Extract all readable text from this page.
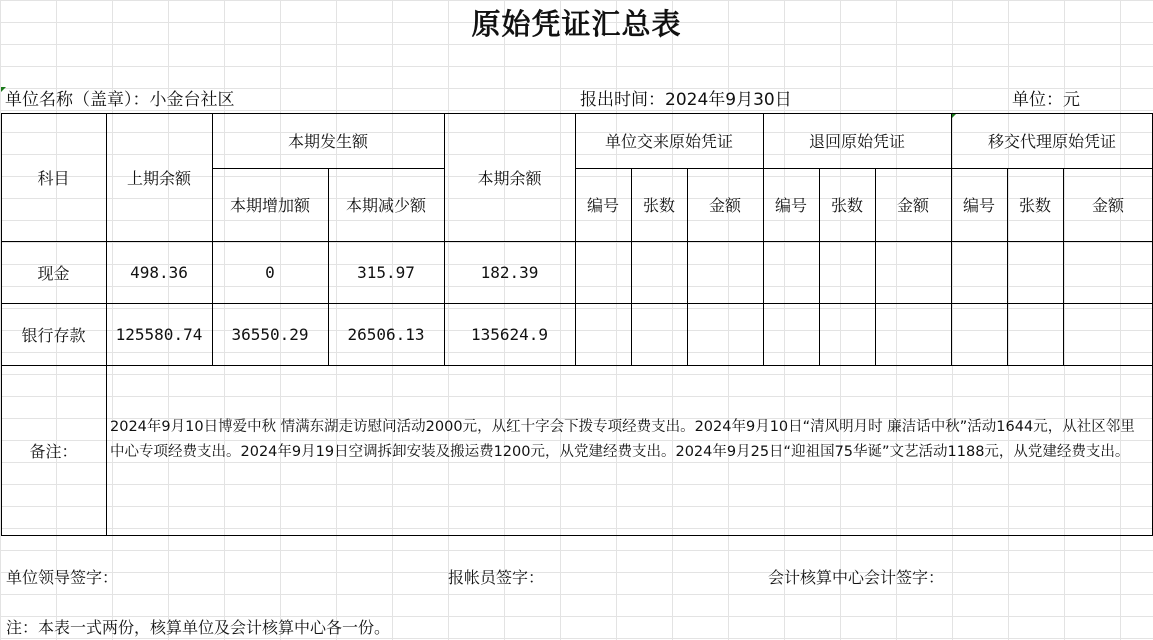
原始凭证汇总表
单位名称（盖章）：小金台社区	报出时间：2024年9月30日	单位：元
科目	上期余额
本期发生额
本期增加额	本期减少额
本期余额
单位交来原始凭证	退回原始凭证	移交代理原始凭证
编号	张数	金额	编号	张数	金额	编号	张数	金额
现金	498.36	0	315.97	182.39
银行存款	125580.74	36550.29	26506.13	135624.9
备注：
2024年9月10日博爱中秋 情满东湖走访慰问活动2000元，从红十字会下拨专项经费支出。2024年9月10日“清风明月时 廉洁话中秋”活动1644元，从社区邻里中心专项经费支出。2024年9月19日空调拆卸安装及搬运费1200元，从党建经费支出。2024年9月25日“迎祖国75华诞”文艺活动1188元，从党建经费支出。
单位领导签字：	报帐员签字：	会计核算中心会计签字：
注：本表一式两份，核算单位及会计核算中心各一份。
